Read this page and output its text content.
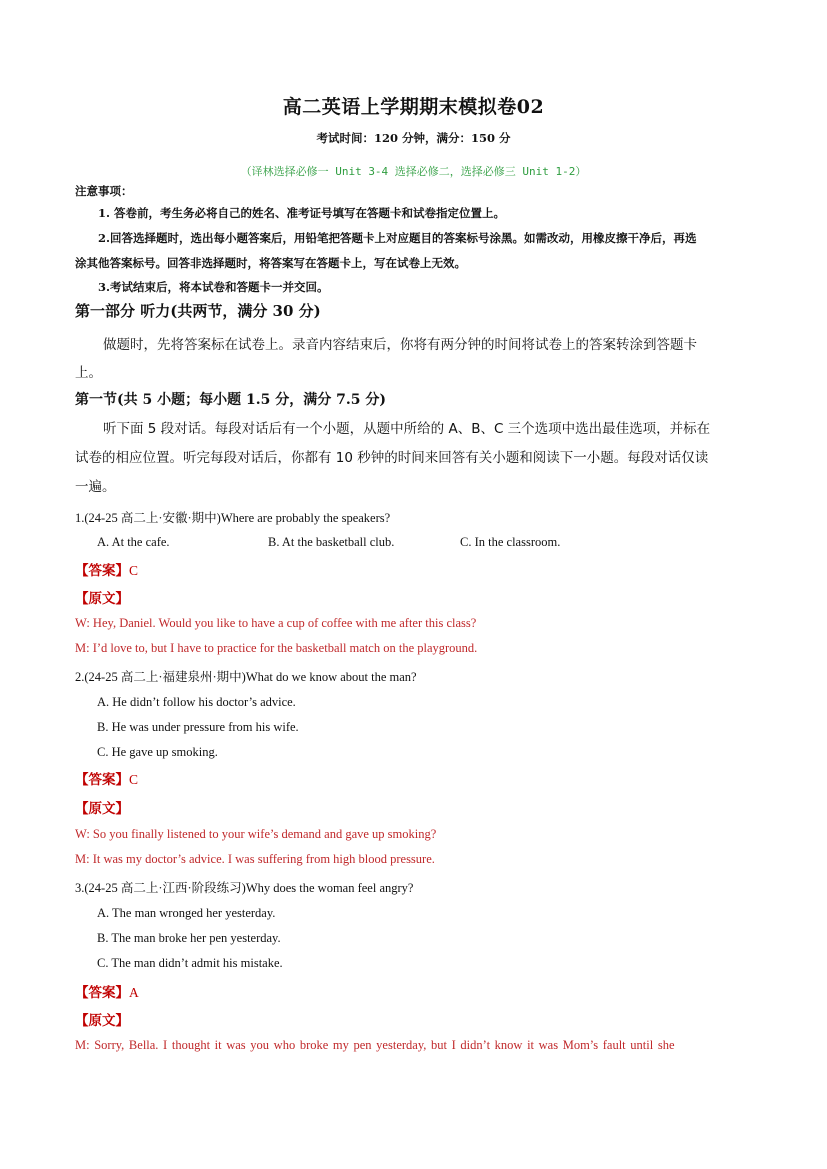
高二英语上学期期末模拟卷02
考试时间：120 分钟，满分：150 分
（译林选择必修一 Unit 3-4 选择必修二，选择必修三 Unit 1-2）
注意事项：
1. 答卷前，考生务必将自己的姓名、准考证号填写在答题卡和试卷指定位置上。
2.回答选择题时，选出每小题答案后，用铅笔把答题卡上对应题目的答案标号涂黑。如需改动，用橡皮擦干净后，再选
涂其他答案标号。回答非选择题时，将答案写在答题卡上，写在试卷上无效。
3.考试结束后，将本试卷和答题卡一并交回。
第一部分 听力(共两节，满分 30 分)
做题时，先将答案标在试卷上。录音内容结束后，你将有两分钟的时间将试卷上的答案转涂到答题卡
上。
第一节(共 5 小题；每小题 1.5 分，满分 7.5 分)
听下面 5 段对话。每段对话后有一个小题，从题中所给的 A、B、C 三个选项中选出最佳选项，并标在
试卷的相应位置。听完每段对话后，你都有 10 秒钟的时间来回答有关小题和阅读下一小题。每段对话仅读
一遍。
1.(24-25 高二上·安徽·期中)Where are probably the speakers?
A. At the cafe.	B. At the basketball club.	C. In the classroom.
【答案】C
【原文】
W: Hey, Daniel. Would you like to have a cup of coffee with me after this class?
M: I’d love to, but I have to practice for the basketball match on the playground.
2.(24-25 高二上·福建泉州·期中)What do we know about the man?
A. He didn’t follow his doctor’s advice.
B. He was under pressure from his wife.
C. He gave up smoking.
【答案】C
【原文】
W: So you finally listened to your wife’s demand and gave up smoking?
M: It was my doctor’s advice. I was suffering from high blood pressure.
3.(24-25 高二上·江西·阶段练习)Why does the woman feel angry?
A. The man wronged her yesterday.
B. The man broke her pen yesterday.
C. The man didn’t admit his mistake.
【答案】A
【原文】
M: Sorry, Bella. I thought it was you who broke my pen yesterday, but I didn’t know it was Mom’s fault until she
